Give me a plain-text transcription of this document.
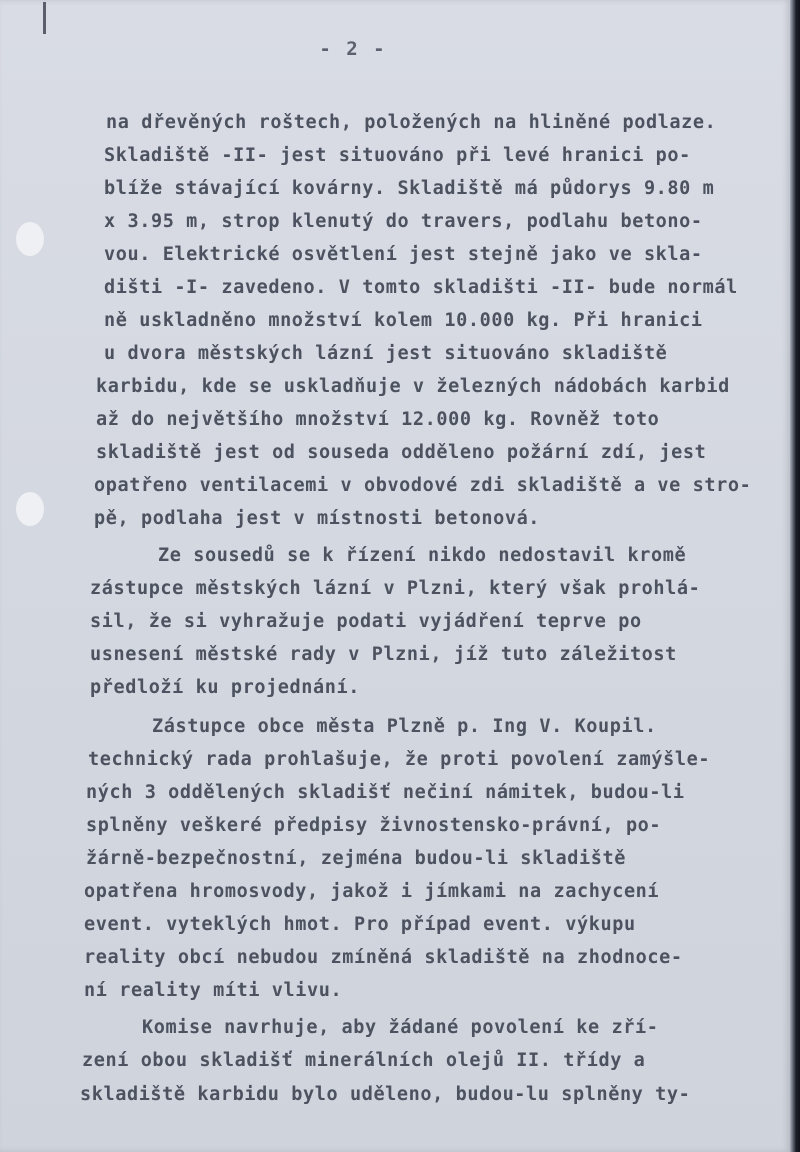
- 2 -
na dřevěných roštech, položených na hliněné podlaze.
Skladiště -II- jest situováno při levé hranici po-
blíže stávající kovárny. Skladiště má půdorys 9.80 m
x 3.95 m, strop klenutý do travers, podlahu betono-
vou. Elektrické osvětlení jest stejně jako ve skla-
dišti -I- zavedeno. V tomto skladišti -II- bude normál
ně uskladněno množství kolem 10.000 kg. Při hranici
u dvora městských lázní jest situováno skladiště
karbidu, kde se uskladňuje v železných nádobách karbid
až do největšího množství 12.000 kg. Rovněž toto
skladiště jest od souseda odděleno požární zdí, jest
opatřeno ventilacemi v obvodové zdi skladiště a ve stro-
pě, podlaha jest v místnosti betonová.
Ze sousedů se k řízení nikdo nedostavil kromě
zástupce městských lázní v Plzni, který však prohlá-
sil, že si vyhražuje podati vyjádření teprve po
usnesení městské rady v Plzni, jíž tuto záležitost
předloží ku projednání.
Zástupce obce města Plzně p. Ing V. Koupil.
technický rada prohlašuje, že proti povolení zamýšle-
ných 3 oddělených skladišť nečiní námitek, budou-li
splněny veškeré předpisy živnostensko-právní, po-
žárně-bezpečnostní, zejména budou-li skladiště
opatřena hromosvody, jakož i jímkami na zachycení
event. vyteklých hmot. Pro případ event. výkupu
reality obcí nebudou zmíněná skladiště na zhodnoce-
ní reality míti vlivu.
Komise navrhuje, aby žádané povolení ke zří-
zení obou skladišť minerálních olejů II. třídy a
skladiště karbidu bylo uděleno, budou-lu splněny ty-
